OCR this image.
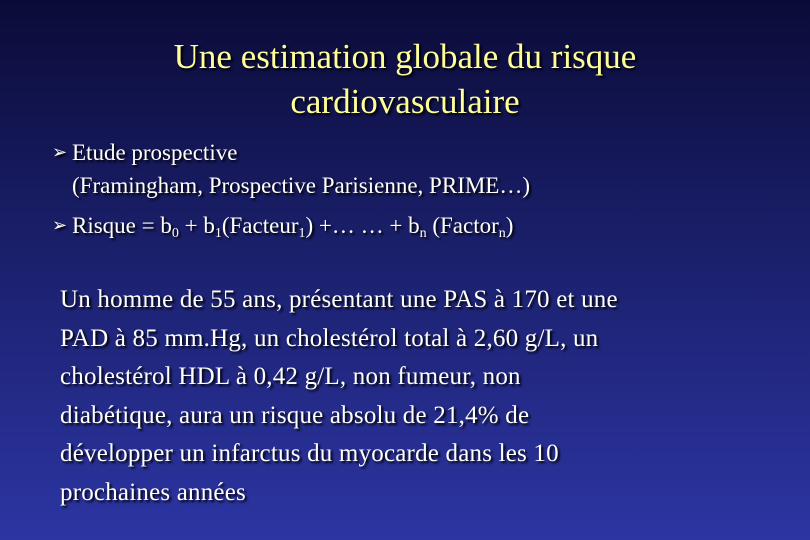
Une estimation globale du risque
cardiovasculaire
➢ Etude prospective
(Framingham, Prospective Parisienne, PRIME…)
➢ Risque = $b_0$ + $b_1(Facteur_1)$ +… … + $b_n$ (Factor$_n$)
Un homme de 55 ans, présentant une PAS à 170 et une
PAD à 85 mm.Hg, un cholestérol total à 2,60 g/L, un
cholestérol HDL à 0,42 g/L, non fumeur, non
diabétique, aura un risque absolu de 21,4% de
développer un infarctus du myocarde dans les 10
prochaines années
